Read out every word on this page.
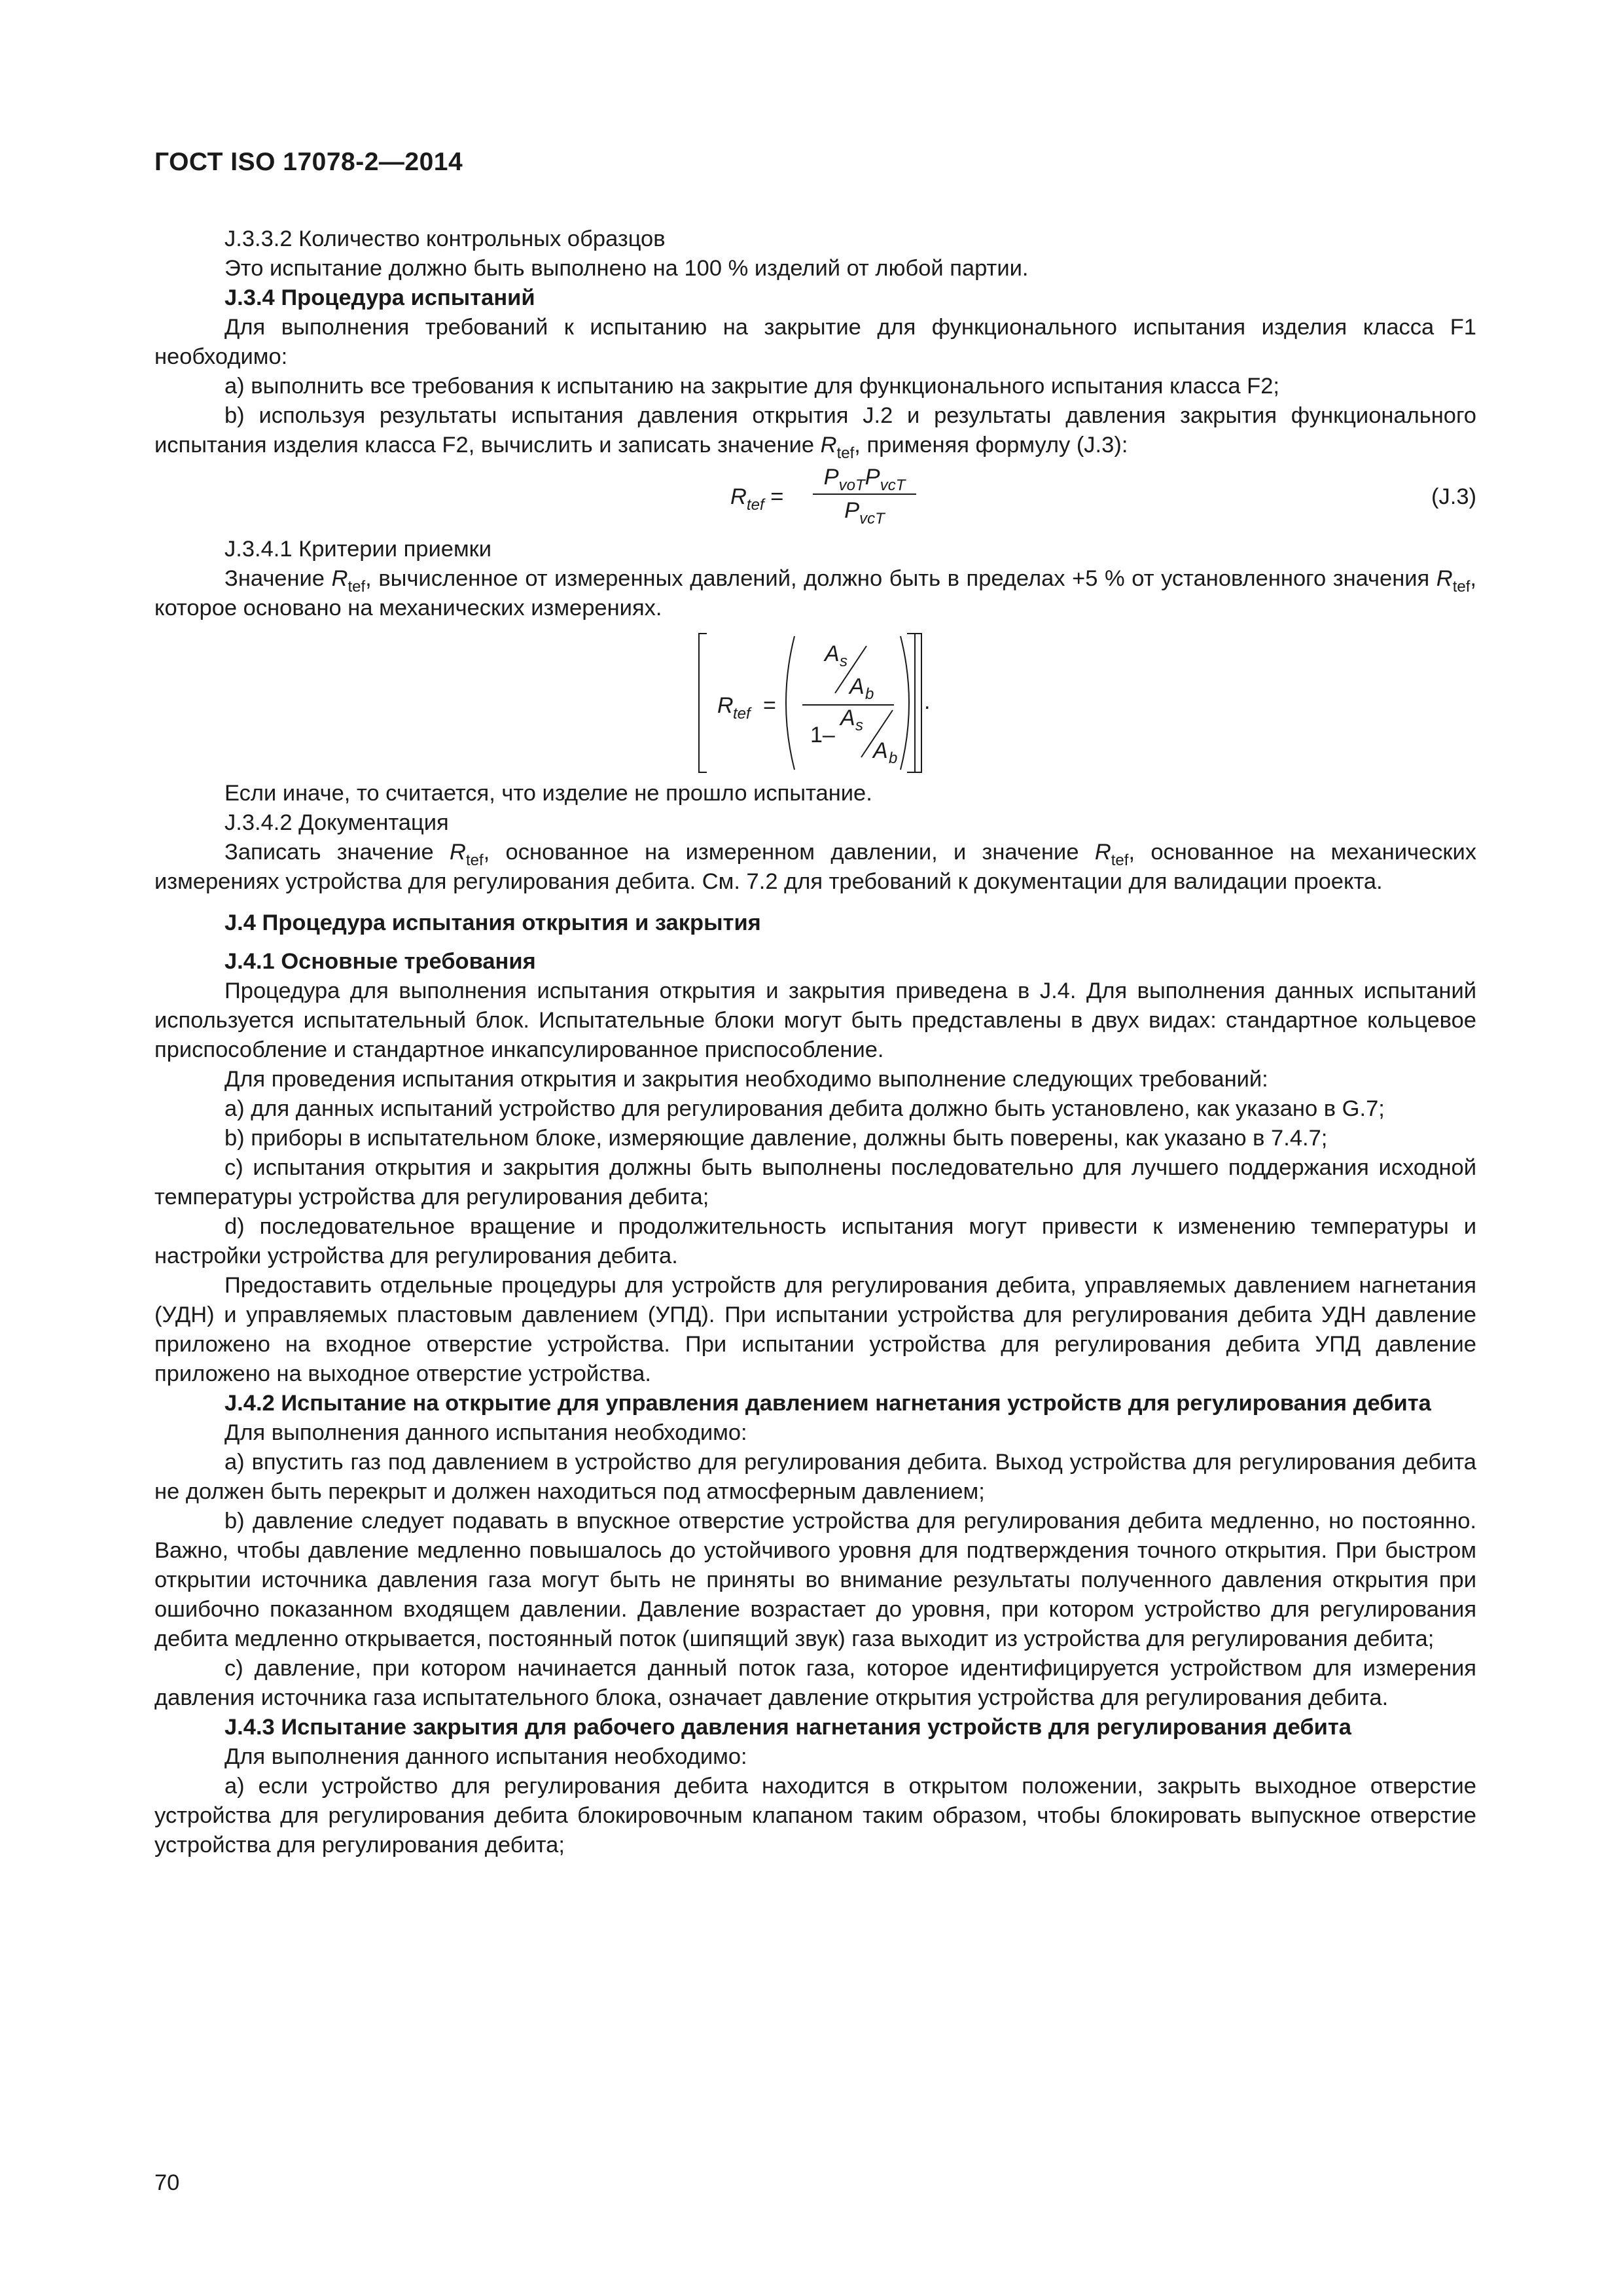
ГОСТ ISO 17078-2—2014

J.3.3.2 Количество контрольных образцов

Это испытание должно быть выполнено на 100 % изделий от любой партии.

J.3.4 Процедура испытаний

Для выполнения требований к испытанию на закрытие для функционального испытания изделия класса F1 необходимо:

а) выполнить все требования к испытанию на закрытие для функционального испытания класса F2;

b) используя результаты испытания давления открытия J.2 и результаты давления закрытия функционального испытания изделия класса F2, вычислить и записать значение $R_{tef}$, применяя формулу (J.3):

$R_{tef}$ =
$P_{voT}P_{vcT}$
$P_{vcT}$
(J.3)

J.3.4.1 Критерии приемки

Значение $R_{tef}$, вычисленное от измеренных давлений, должно быть в пределах +5 % от установленного значения $R_{tef}$, которое основано на механических измерениях.

R tef =
A s
A b
1–
A s
A b
.

Если иначе, то считается, что изделие не прошло испытание.

J.3.4.2 Документация

Записать значение $R_{tef}$, основанное на измеренном давлении, и значение $R_{tef}$, основанное на механических измерениях устройства для регулирования дебита. См. 7.2 для требований к документации для валидации проекта.

J.4 Процедура испытания открытия и закрытия

J.4.1 Основные требования

Процедура для выполнения испытания открытия и закрытия приведена в J.4. Для выполнения данных испытаний используется испытательный блок. Испытательные блоки могут быть представлены в двух видах: стандартное кольцевое приспособление и стандартное инкапсулированное приспособление.

Для проведения испытания открытия и закрытия необходимо выполнение следующих требований:

а) для данных испытаний устройство для регулирования дебита должно быть установлено, как указано в G.7;

b) приборы в испытательном блоке, измеряющие давление, должны быть поверены, как указано в 7.4.7;

c) испытания открытия и закрытия должны быть выполнены последовательно для лучшего поддержания исходной температуры устройства для регулирования дебита;

d) последовательное вращение и продолжительность испытания могут привести к изменению температуры и настройки устройства для регулирования дебита.

Предоставить отдельные процедуры для устройств для регулирования дебита, управляемых давлением нагнетания (УДН) и управляемых пластовым давлением (УПД). При испытании устройства для регулирования дебита УДН давление приложено на входное отверстие устройства. При испытании устройства для регулирования дебита УПД давление приложено на выходное отверстие устройства.

J.4.2 Испытание на открытие для управления давлением нагнетания устройств для регулирования дебита

Для выполнения данного испытания необходимо:

а) впустить газ под давлением в устройство для регулирования дебита. Выход устройства для регулирования дебита не должен быть перекрыт и должен находиться под атмосферным давлением;

b) давление следует подавать в впускное отверстие устройства для регулирования дебита медленно, но постоянно. Важно, чтобы давление медленно повышалось до устойчивого уровня для подтверждения точного открытия. При быстром открытии источника давления газа могут быть не приняты во внимание результаты полученного давления открытия при ошибочно показанном входящем давлении. Давление возрастает до уровня, при котором устройство для регулирования дебита медленно открывается, постоянный поток (шипящий звук) газа выходит из устройства для регулирования дебита;

c) давление, при котором начинается данный поток газа, которое идентифицируется устройством для измерения давления источника газа испытательного блока, означает давление открытия устройства для регулирования дебита.

J.4.3 Испытание закрытия для рабочего давления нагнетания устройств для регулирования дебита

Для выполнения данного испытания необходимо:

а) если устройство для регулирования дебита находится в открытом положении, закрыть выходное отверстие устройства для регулирования дебита блокировочным клапаном таким образом, чтобы блокировать выпускное отверстие устройства для регулирования дебита;

70
